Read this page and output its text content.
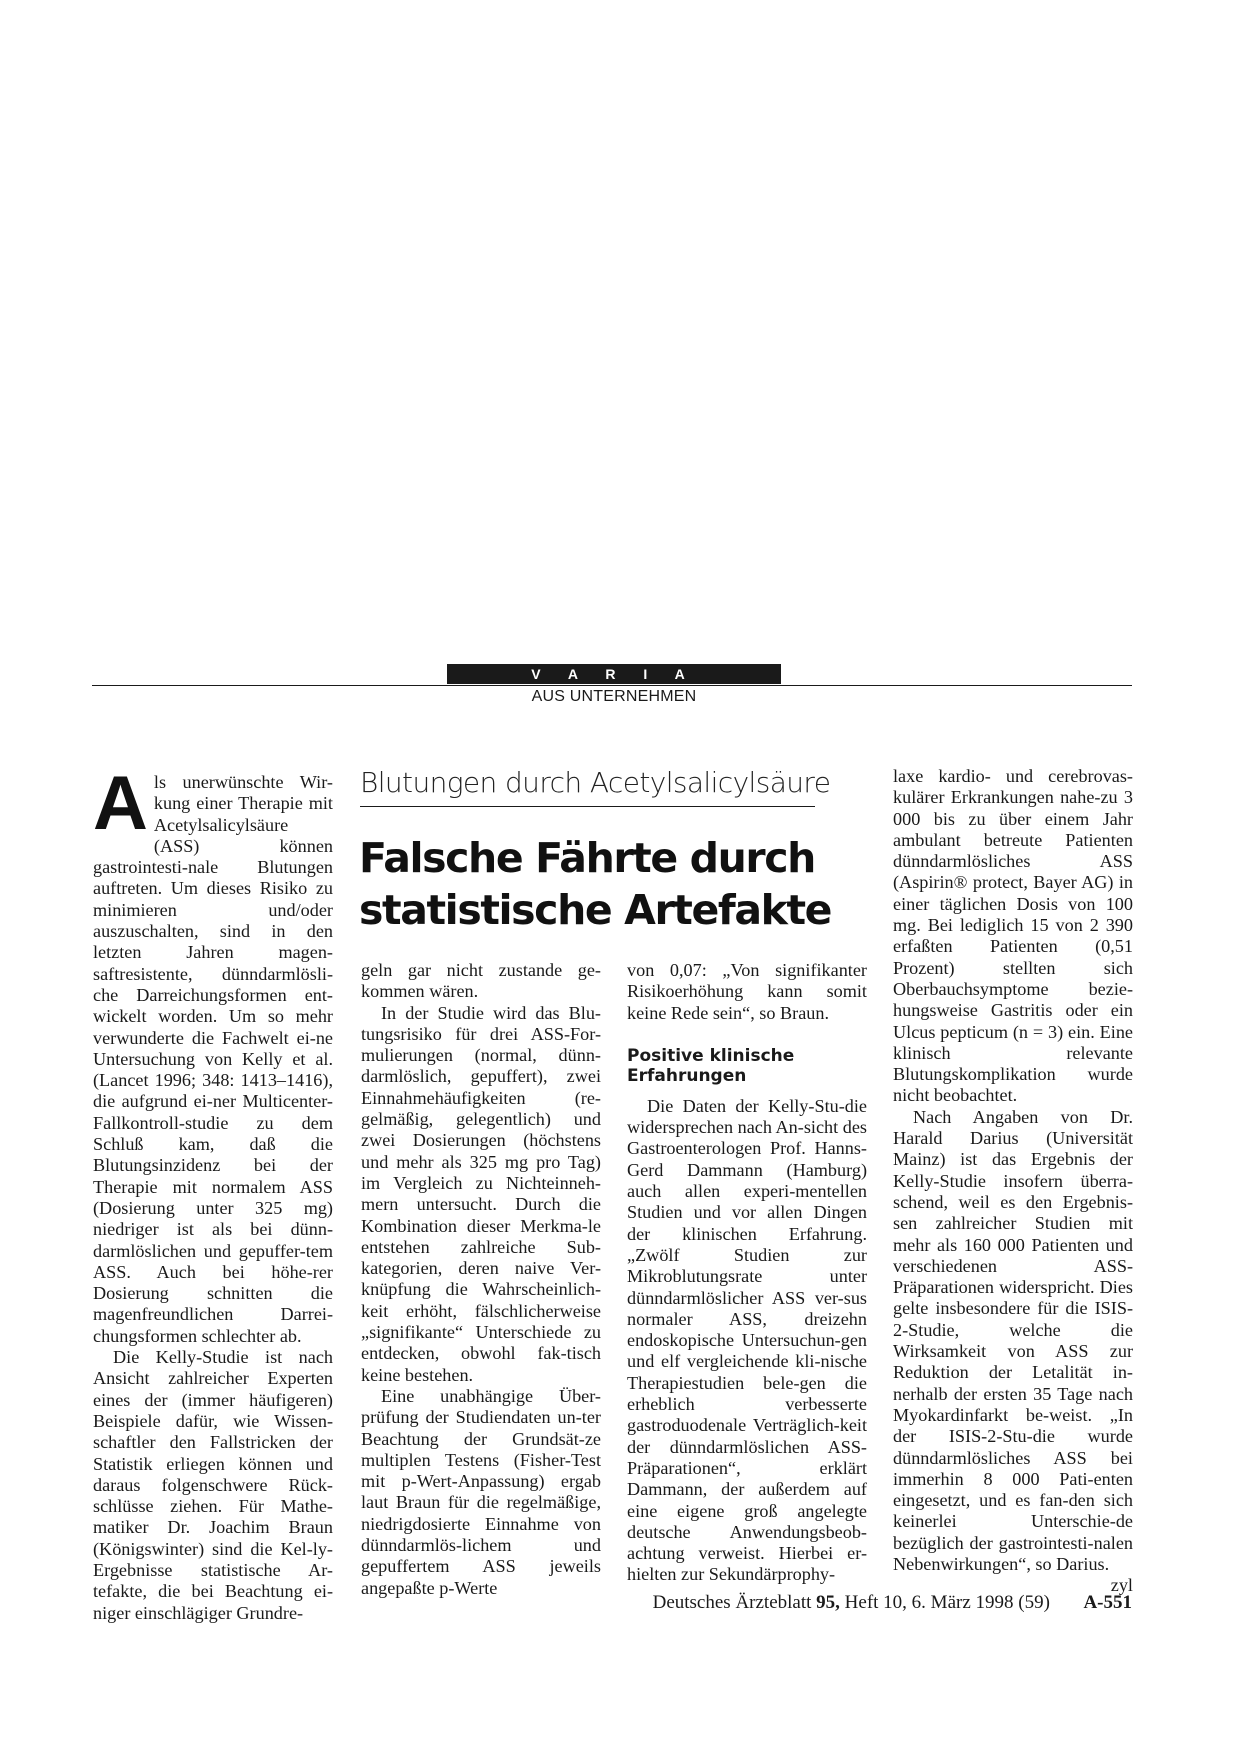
V A R I A
AUS UNTERNEHMEN
Blutungen durch Acetylsalicylsäure
Falsche Fährte durch statistische Artefakte
A ls unerwünschte Wir-kung einer Therapie mit Acetylsalicylsäure (ASS) können gastrointesti-nale Blutungen auftreten. Um dieses Risiko zu minimieren und/oder auszuschalten, sind in den letzten Jahren magen-saftresistente, dünndarmlösli-che Darreichungsformen ent-wickelt worden. Um so mehr verwunderte die Fachwelt ei-ne Untersuchung von Kelly et al. (Lancet 1996; 348: 1413–1416), die aufgrund ei-ner Multicenter-Fallkontroll-studie zu dem Schluß kam, daß die Blutungsinzidenz bei der Therapie mit normalem ASS (Dosierung unter 325 mg) niedriger ist als bei dünn-darmlöslichen und gepuffer-tem ASS. Auch bei höhe-rer Dosierung schnitten die magenfreundlichen Darrei-chungsformen schlechter ab.

Die Kelly-Studie ist nach Ansicht zahlreicher Experten eines der (immer häufigeren) Beispiele dafür, wie Wissen-schaftler den Fallstricken der Statistik erliegen können und daraus folgenschwere Rück-schlüsse ziehen. Für Mathe-matiker Dr. Joachim Braun (Königswinter) sind die Kel-ly-Ergebnisse statistische Ar-tefakte, die bei Beachtung ei-niger einschlägiger Grundre-

geln gar nicht zustande ge-kommen wären.

In der Studie wird das Blu-tungsrisiko für drei ASS-For-mulierungen (normal, dünn-darmlöslich, gepuffert), zwei Einnahmehäufigkeiten (re-gelmäßig, gelegentlich) und zwei Dosierungen (höchstens und mehr als 325 mg pro Tag) im Vergleich zu Nichteinneh-mern untersucht. Durch die Kombination dieser Merkma-le entstehen zahlreiche Sub-kategorien, deren naive Ver-knüpfung die Wahrscheinlich-keit erhöht, fälschlicherweise „signifikante“ Unterschiede zu entdecken, obwohl fak-tisch keine bestehen.

Eine unabhängige Über-prüfung der Studiendaten un-ter Beachtung der Grundsät-ze multiplen Testens (Fisher-Test mit p-Wert-Anpassung) ergab laut Braun für die regelmäßige, niedrigdosierte Einnahme von dünndarmlös-lichem und gepuffertem ASS jeweils angepaßte p-Werte

von 0,07: „Von signifikanter Risikoerhöhung kann somit keine Rede sein“, so Braun.

Positive klinische Erfahrungen

Die Daten der Kelly-Stu-die widersprechen nach An-sicht des Gastroenterologen Prof. Hanns-Gerd Dammann (Hamburg) auch allen experi-mentellen Studien und vor allen Dingen der klinischen Erfahrung. „Zwölf Studien zur Mikroblutungsrate unter dünndarmlöslicher ASS ver-sus normaler ASS, dreizehn endoskopische Untersuchun-gen und elf vergleichende kli-nische Therapiestudien bele-gen die erheblich verbesserte gastroduodenale Verträglich-keit der dünndarmlöslichen ASS-Präparationen“, erklärt Dammann, der außerdem auf eine eigene groß angelegte deutsche Anwendungsbeob-achtung verweist. Hierbei er-hielten zur Sekundärprophy-

laxe kardio- und cerebrovas-kulärer Erkrankungen nahe-zu 3 000 bis zu über einem Jahr ambulant betreute Patienten dünndarmlösliches ASS (Aspirin® protect, Bayer AG) in einer täglichen Dosis von 100 mg. Bei lediglich 15 von 2 390 erfaßten Patienten (0,51 Prozent) stellten sich Oberbauchsymptome bezie-hungsweise Gastritis oder ein Ulcus pepticum (n = 3) ein. Eine klinisch relevante Blutungskomplikation wurde nicht beobachtet.

Nach Angaben von Dr. Harald Darius (Universität Mainz) ist das Ergebnis der Kelly-Studie insofern überra-schend, weil es den Ergebnis-sen zahlreicher Studien mit mehr als 160 000 Patienten und verschiedenen ASS-Präparationen widerspricht. Dies gelte insbesondere für die ISIS-2-Studie, welche die Wirksamkeit von ASS zur Reduktion der Letalität in-nerhalb der ersten 35 Tage nach Myokardinfarkt be-weist. „In der ISIS-2-Stu-die wurde dünndarmlösliches ASS bei immerhin 8 000 Pati-enten eingesetzt, und es fan-den sich keinerlei Unterschie-de bezüglich der gastrointesti-nalen Nebenwirkungen“, so Darius.
zyl

Deutsches Ärzteblatt 95, Heft 10, 6. März 1998 (59) A-551
